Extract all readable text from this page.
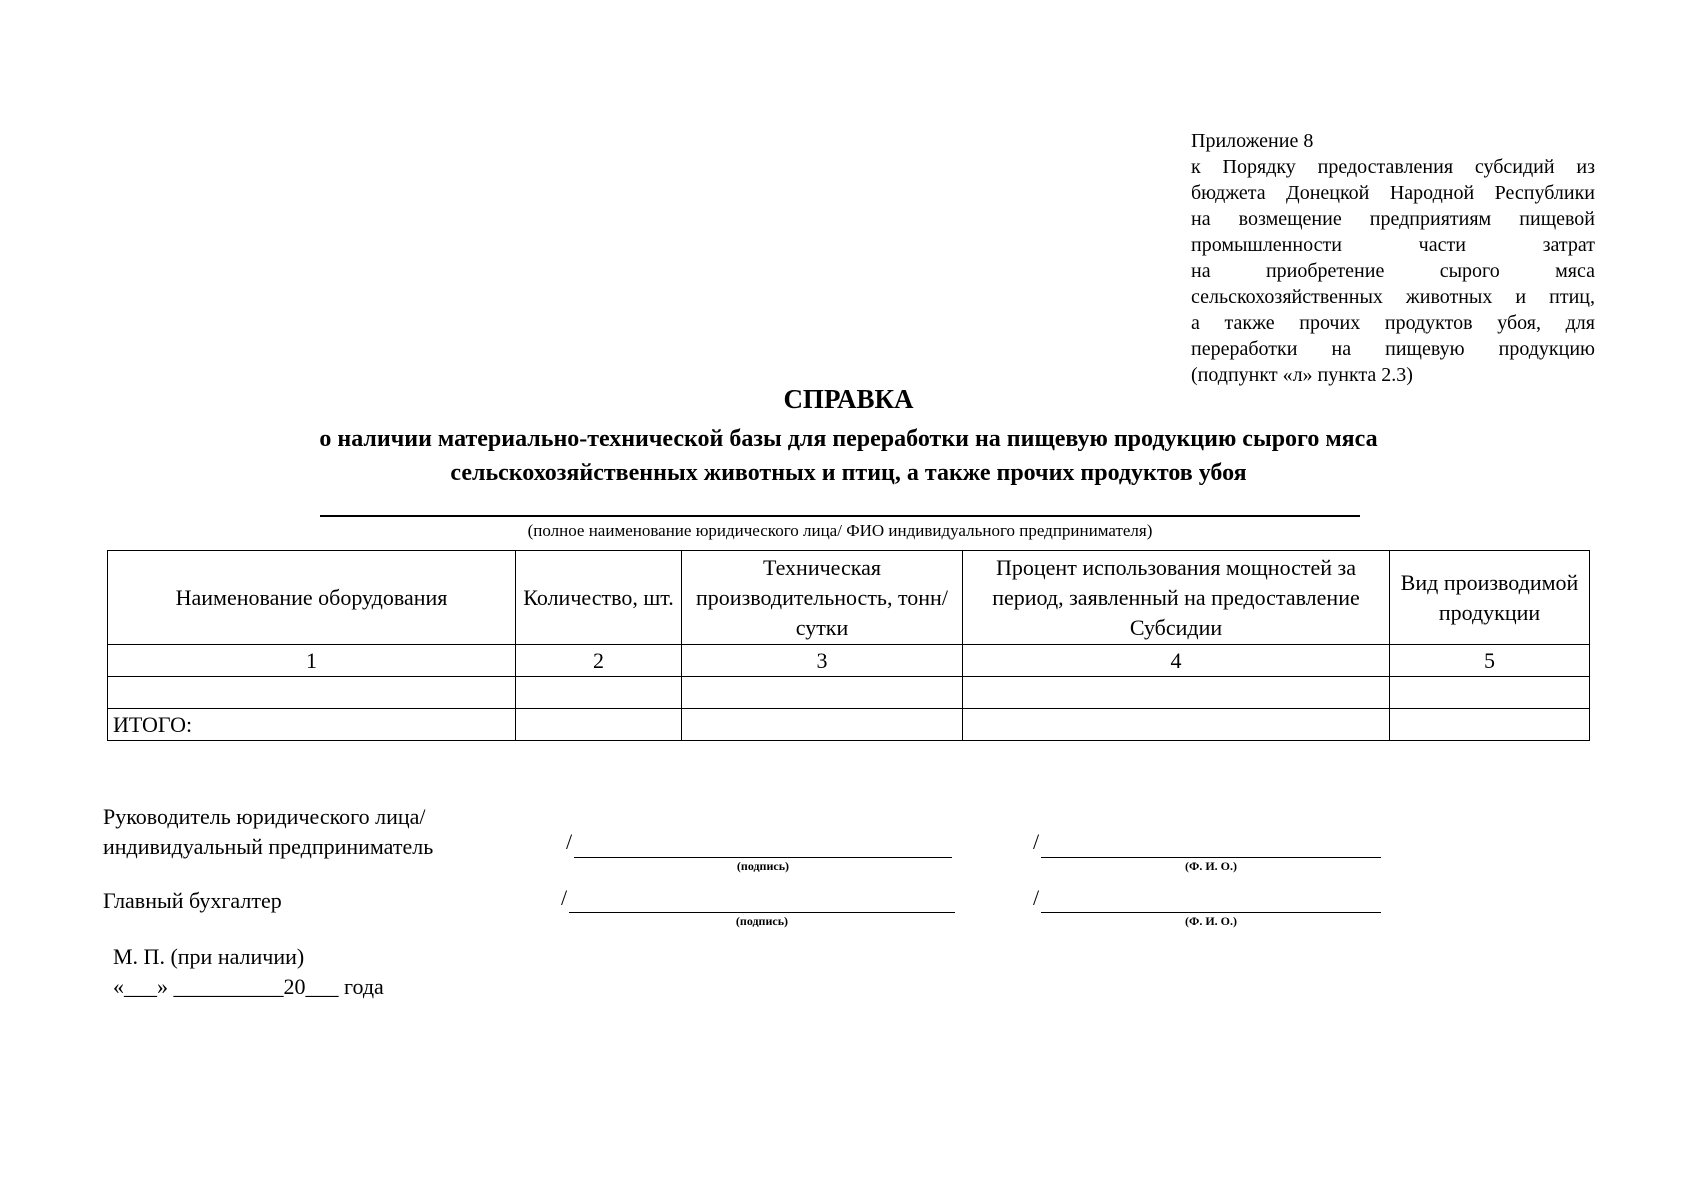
Приложение 8
к Порядку предоставления субсидий из
бюджета Донецкой Народной Республики
на возмещение предприятиям пищевой
промышленности части затрат
на приобретение сырого мяса
сельскохозяйственных животных и птиц,
а также прочих продуктов убоя, для
переработки на пищевую продукцию
(подпункт «л» пункта 2.3)
СПРАВКА
о наличии материально-технической базы для переработки на пищевую продукцию сырого мяса
сельскохозяйственных животных и птиц, а также прочих продуктов убоя
(полное наименование юридического лица/ ФИО индивидуального предпринимателя)
Наименование оборудования	Количество, шт.	Техническая производительность, тонн/сутки	Процент использования мощностей за период, заявленный на предоставление Субсидии	Вид производимой продукции
1	2	3	4	5

ИТОГО:				
Руководитель юридического лица/
индивидуальный предприниматель	/
(подпись)
/
(Ф. И. О.)
Главный бухгалтер	/
(подпись)
/
(Ф. И. О.)
М. П. (при наличии)
«___» __________20___ года
